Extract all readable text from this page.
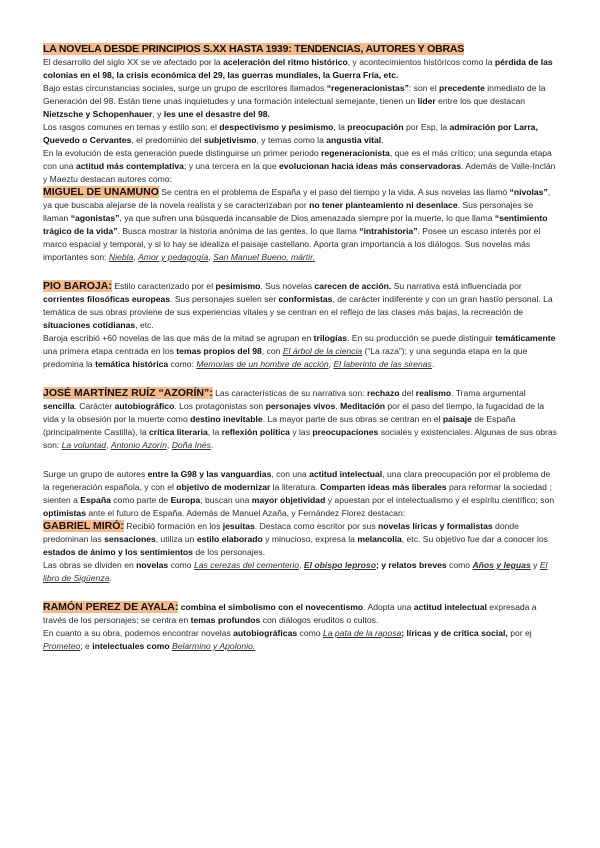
LA NOVELA DESDE PRINCIPIOS S.XX HASTA 1939: TENDENCIAS, AUTORES Y OBRAS

El desarrollo del siglo XX se ve afectado por la aceleración del ritmo histórico, y acontecimientos históricos como la pérdida de las colonias en el 98, la crisis económica del 29, las guerras mundiales, la Guerra Fría, etc.

Bajo estas circunstancias sociales, surge un grupo de escritores llamados “regeneracionistas”: son el precedente inmediato de la Generación del 98. Están tiene unas inquietudes y una formación intelectual semejante, tienen un líder entre los que destacan Nietzsche y Schopenhauer, y les une el desastre del 98.

Los rasgos comunes en temas y estilo son: el despectivismo y pesimismo, la preocupación por Esp, la admiración por Larra, Quevedo o Cervantes, el predominio del subjetivismo, y temas como la angustia vital.

En la evolución de esta generación puede distinguirse un primer periodo regeneracionista, que es el más crítico; una segunda etapa con una actitud más contemplativa; y una tercera en la que evolucionan hacia ideas más conservadoras. Además de Valle-Inclán y Maeztu destacan autores como:

MIGUEL DE UNAMUNO Se centra en el problema de España y el paso del tiempo y la vida. A sus novelas las llamó “nivolas”, ya que buscaba alejarse de la novela realista y se caracterizaban por no tener planteamiento ni desenlace. Sus personajes se llaman “agonistas”, ya que sufren una búsqueda incansable de Dios amenazada siempre por la muerte, lo que llama “sentimiento trágico de la vida”. Busca mostrar la historia anónima de las gentes, lo que llama “intrahistoria”. Posee un escaso interés por el marco espacial y temporal, y si lo hay se idealiza el paisaje castellano. Aporta gran importancia a los diálogos. Sus novelas más importantes son: Niebla, Amor y pedagogía, San Manuel Bueno, mártir.

PIO BAROJA: Estilo caracterizado por el pesimismo. Sus novelas carecen de acción. Su narrativa está influenciada por corrientes filosóficas europeas. Sus personajes suelen ser conformistas, de carácter indiferente y con un gran hastío personal. La temática de sus obras proviene de sus experiencias vitales y se centran en el reflejo de las clases más bajas, la recreación de situaciones cotidianas, etc.

Baroja escribió +60 novelas de las que más de la mitad se agrupan en trilogías. En su producción se puede distinguir temáticamente una primera etapa centrada en los temas propios del 98, con El árbol de la ciencia (“La raza”); y una segunda etapa en la que predomina la temática histórica como: Memorias de un hombre de acción, El laberinto de las sirenas.

JOSÉ MARTÍNEZ RUÍZ “AZORÍN”: Las características de su narrativa son: rechazo del realismo. Trama argumental sencilla. Carácter autobiográfico. Los protagonistas son personajes vivos. Meditación por el paso del tiempo, la fugacidad de la vida y la obsesión por la muerte como destino inevitable. La mayor parte de sus obras se centran en el paisaje de España (principalmente Castilla), la crítica literaria, la reflexión política y las preocupaciones sociales y existenciales. Algunas de sus obras son: La voluntad, Antonio Azorín, Doña Inés.

Surge un grupo de autores entre la G98 y las vanguardias, con una actitud intelectual, una clara preocupación por el problema de la regeneración española, y con el objetivo de modernizar la literatura. Comparten ideas más liberales para reformar la sociedad ; sienten a España como parte de Europa; buscan una mayor objetividad y apuestan por el intelectualismo y el espíritu científico; son optimistas ante el futuro de España. Además de Manuel Azaña, y Fernández Florez destacan:

GABRIEL MIRÓ: Recibió formación en los jesuitas. Destaca como escritor por sus novelas líricas y formalistas donde predominan las sensaciones, utiliza un estilo elaborado y minucioso, expresa la melancolía, etc. Su objetivo fue dar a conocer los estados de ánimo y los sentimientos de los personajes.

Las obras se dividen en novelas como Las cerezas del cementerio, El obispo leproso; y relatos breves como Años y leguas y El libro de Sigüenza.

RAMÓN PEREZ DE AYALA: combina el simbolismo con el novecentismo. Adopta una actitud intelectual expresada a través de los personajes; se centra en temas profundos con diálogos eruditos o cultos.

En cuanto a su obra, podemos encontrar novelas autobiográficas como La pata de la raposa; líricas y de crítica social, por ej Prometeo; e intelectuales como Belarmino y Apolonio.
